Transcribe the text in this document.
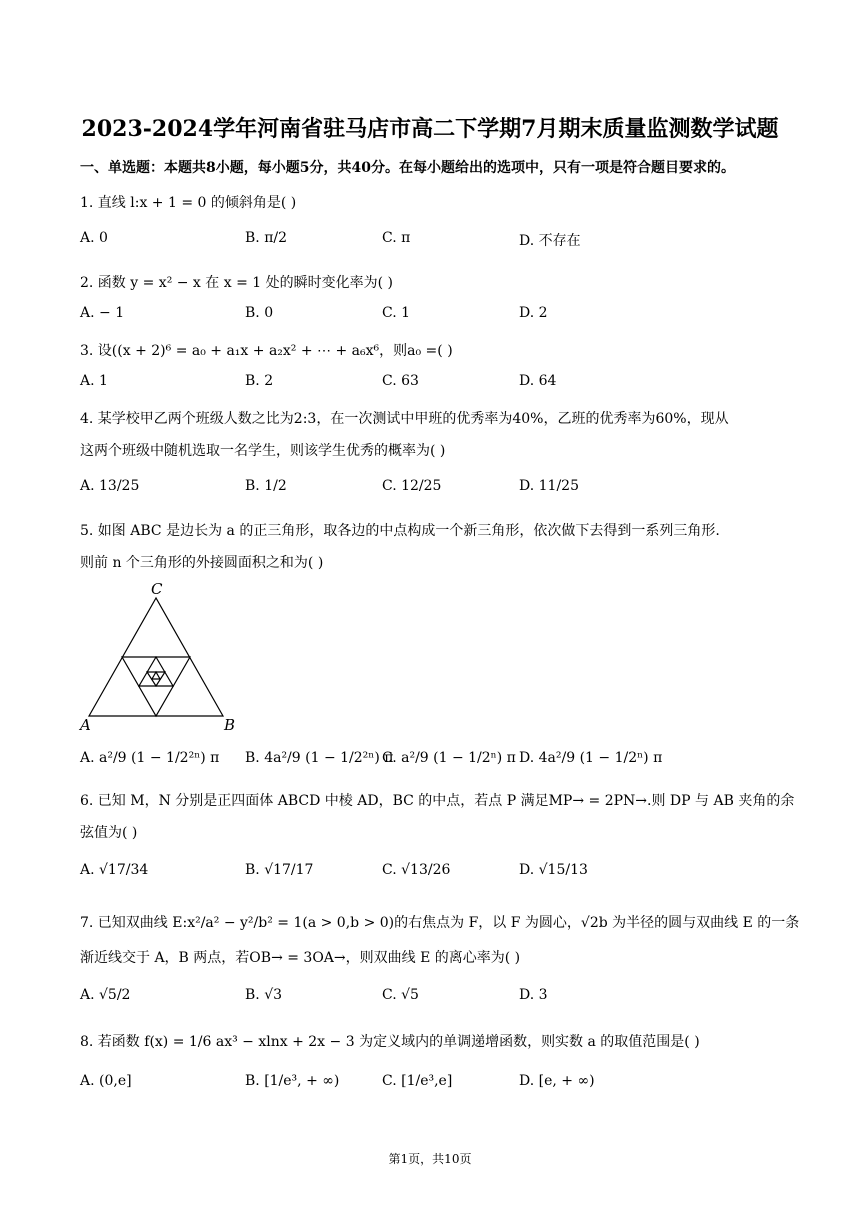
2023-2024学年河南省驻马店市高二下学期7月期末质量监测数学试题
一、单选题：本题共8小题，每小题5分，共40分。在每小题给出的选项中，只有一项是符合题目要求的。
1. 直线 l:x + 1 = 0 的倾斜角是( )
A. 0	B. π/2	C. π	D. 不存在
2. 函数 y = x² − x 在 x = 1 处的瞬时变化率为( )
A. − 1	B. 0	C. 1	D. 2
3. 设((x + 2)⁶ = a₀ + a₁x + a₂x² + ⋯ + a₆x⁶，则a₀ =( )
A. 1	B. 2	C. 63	D. 64
4. 某学校甲乙两个班级人数之比为2:3，在一次测试中甲班的优秀率为40%，乙班的优秀率为60%，现从
这两个班级中随机选取一名学生，则该学生优秀的概率为( )
A. 13/25	B. 1/2	C. 12/25	D. 11/25
5. 如图 ABC 是边长为 a 的正三角形，取各边的中点构成一个新三角形，依次做下去得到一系列三角形.
则前 n 个三角形的外接圆面积之和为( )
C
A	B
A. a²/9 (1 − 1/2²ⁿ) π B. 4a²/9 (1 − 1/2²ⁿ) π
C. a²/9 (1 − 1/2ⁿ) π D. 4a²/9 (1 − 1/2ⁿ) π
6. 已知 M，N 分别是正四面体 ABCD 中棱 AD，BC 的中点，若点 P 满足MP→ = 2PN→.则 DP 与 AB 夹角的余
弦值为( )
A. √17/34	B. √17/17	C. √13/26	D. √15/13
7. 已知双曲线 E:x²/a² − y²/b² = 1(a > 0,b > 0)的右焦点为 F，以 F 为圆心，√2b 为半径的圆与双曲线 E 的一条
渐近线交于 A，B 两点，若OB→ = 3OA→，则双曲线 E 的离心率为( )
A. √5/2	B. √3	C. √5	D. 3
8. 若函数 f(x) = 1/6 ax³ − xlnx + 2x − 3 为定义域内的单调递增函数，则实数 a 的取值范围是( )
A. (0,e]	B. [1/e³, + ∞)	C. [1/e³,e]	D. [e, + ∞)
第1页，共10页
